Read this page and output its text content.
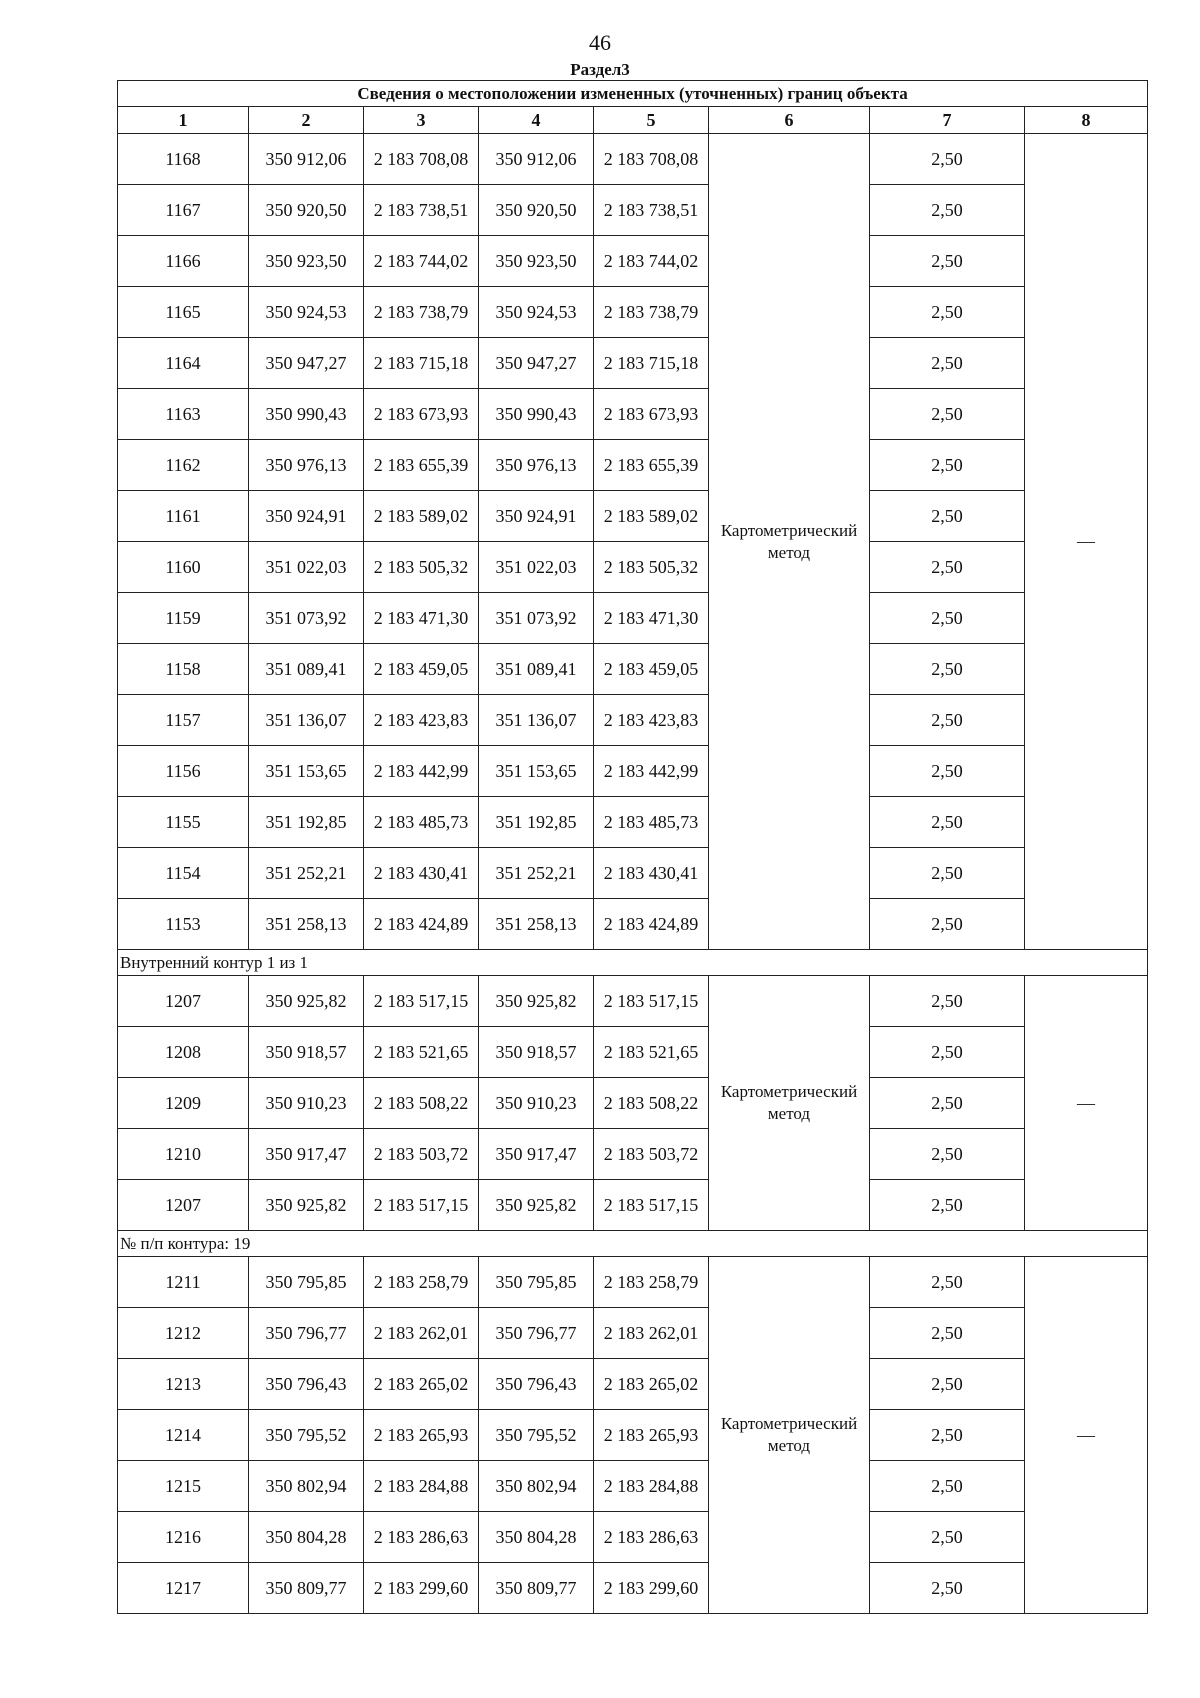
46
Раздел3
Сведения о местоположении измененных (уточненных) границ объекта							
1	2	3	4	5	6	7	8
1168	350 912,06	2 183 708,08	350 912,06	2 183 708,08	Картометрический метод	2,50	—
1167	350 920,50	2 183 738,51	350 920,50	2 183 738,51		2,50	
1166	350 923,50	2 183 744,02	350 923,50	2 183 744,02		2,50	
1165	350 924,53	2 183 738,79	350 924,53	2 183 738,79		2,50	
1164	350 947,27	2 183 715,18	350 947,27	2 183 715,18		2,50	
1163	350 990,43	2 183 673,93	350 990,43	2 183 673,93		2,50	
1162	350 976,13	2 183 655,39	350 976,13	2 183 655,39		2,50	
1161	350 924,91	2 183 589,02	350 924,91	2 183 589,02		2,50	
1160	351 022,03	2 183 505,32	351 022,03	2 183 505,32		2,50	
1159	351 073,92	2 183 471,30	351 073,92	2 183 471,30		2,50	
1158	351 089,41	2 183 459,05	351 089,41	2 183 459,05		2,50	
1157	351 136,07	2 183 423,83	351 136,07	2 183 423,83		2,50	
1156	351 153,65	2 183 442,99	351 153,65	2 183 442,99		2,50	
1155	351 192,85	2 183 485,73	351 192,85	2 183 485,73		2,50	
1154	351 252,21	2 183 430,41	351 252,21	2 183 430,41		2,50	
1153	351 258,13	2 183 424,89	351 258,13	2 183 424,89		2,50	
Внутренний контур 1 из 1							
1207	350 925,82	2 183 517,15	350 925,82	2 183 517,15	Картометрический метод	2,50	—
1208	350 918,57	2 183 521,65	350 918,57	2 183 521,65		2,50	
1209	350 910,23	2 183 508,22	350 910,23	2 183 508,22		2,50	
1210	350 917,47	2 183 503,72	350 917,47	2 183 503,72		2,50	
1207	350 925,82	2 183 517,15	350 925,82	2 183 517,15		2,50	
№ п/п контура: 19							
1211	350 795,85	2 183 258,79	350 795,85	2 183 258,79	Картометрический метод	2,50	—
1212	350 796,77	2 183 262,01	350 796,77	2 183 262,01		2,50	
1213	350 796,43	2 183 265,02	350 796,43	2 183 265,02		2,50	
1214	350 795,52	2 183 265,93	350 795,52	2 183 265,93		2,50	
1215	350 802,94	2 183 284,88	350 802,94	2 183 284,88		2,50	
1216	350 804,28	2 183 286,63	350 804,28	2 183 286,63		2,50	
1217	350 809,77	2 183 299,60	350 809,77	2 183 299,60		2,50	
